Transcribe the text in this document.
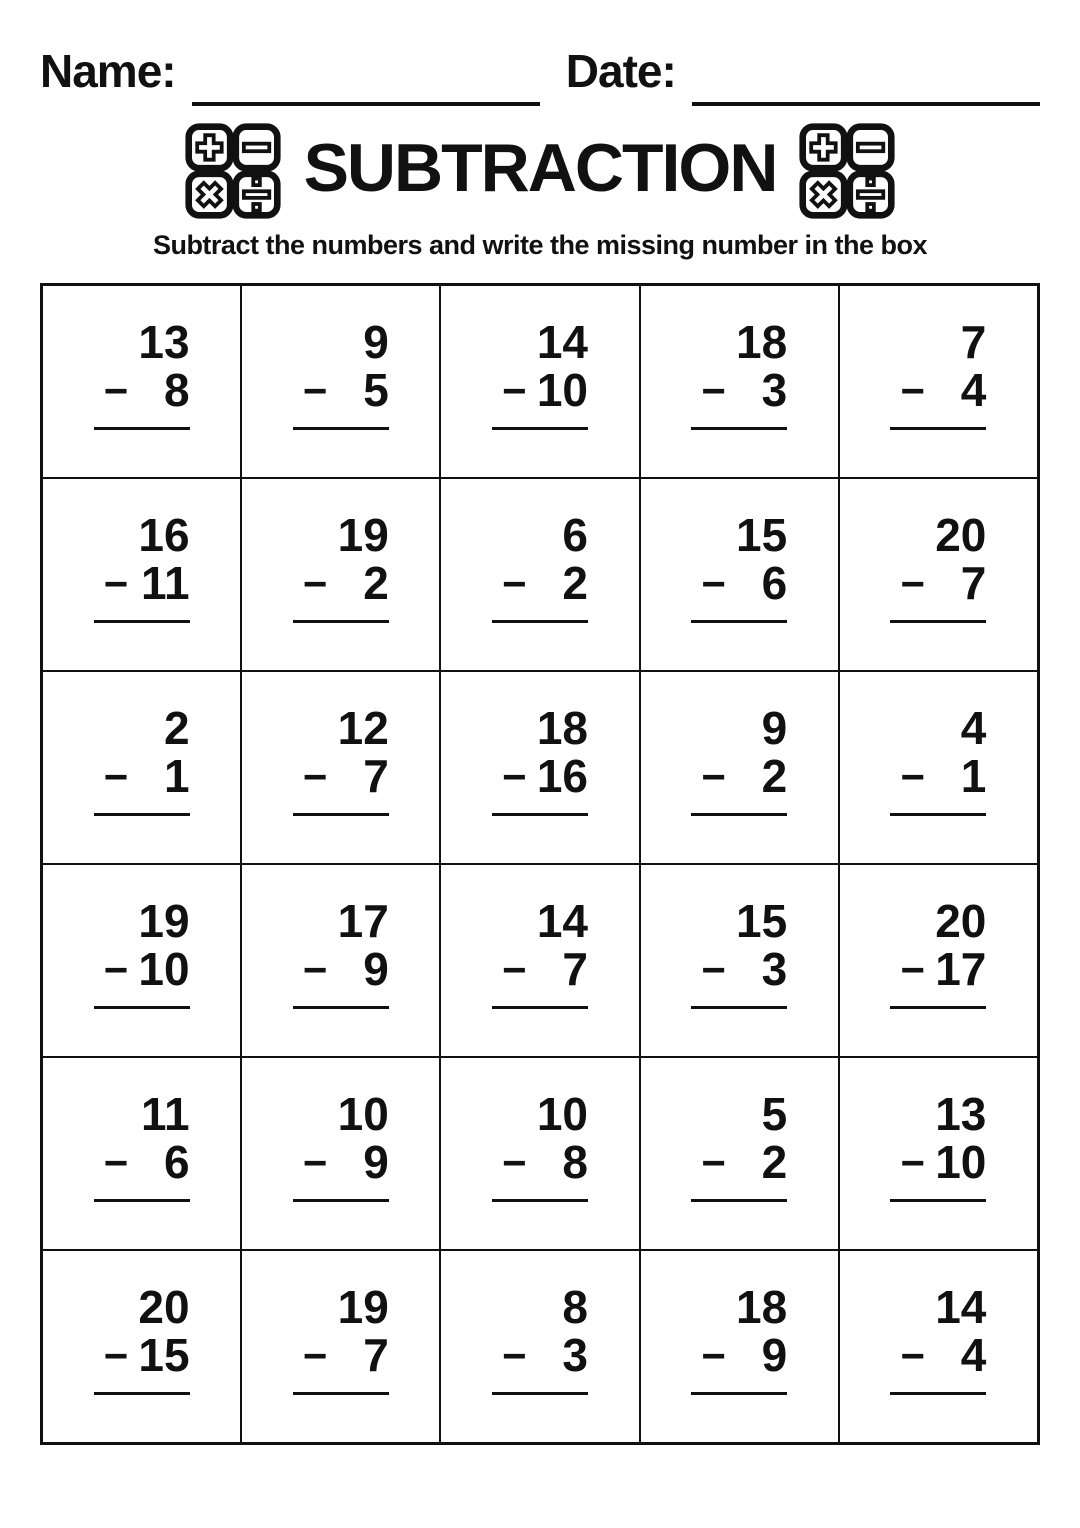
Name:	Date:
SUBTRACTION
Subtract the numbers and write the missing number in the box
13
− 8
9
− 5
14
− 10
18
− 3
7
− 4
16
− 11
19
− 2
6
− 2
15
− 6
20
− 7
2
− 1
12
− 7
18
− 16
9
− 2
4
− 1
19
− 10
17
− 9
14
− 7
15
− 3
20
− 17
11
− 6
10
− 9
10
− 8
5
− 2
13
− 10
20
− 15
19
− 7
8
− 3
18
− 9
14
− 4
